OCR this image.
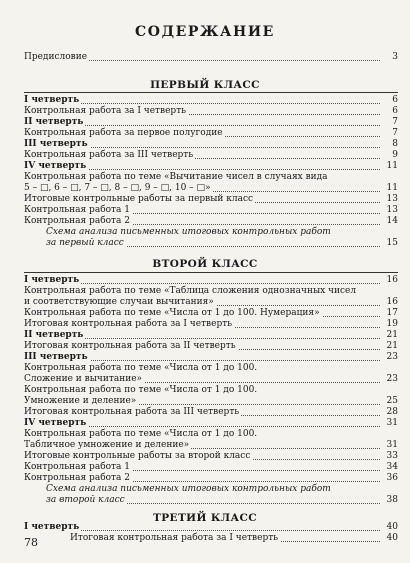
СОДЕРЖАНИЕ
Предисловие	3
ПЕРВЫЙ КЛАСС
I четверть	6
Контрольная работа за I четверть	6
II четверть	7
Контрольная работа за первое полугодие	7
III четверть	8
Контрольная работа за III четверть	9
IV четверть	11
Контрольная работа по теме «Вычитание чисел в случаях вида
5 – □, 6 – □, 7 – □, 8 – □, 9 – □, 10 – □»	11
Итоговые контрольные работы за первый класс	13
Контрольная работа 1	13
Контрольная работа 2	14
Схема анализа письменных итоговых контрольных работ
за первый класс	15
ВТОРОЙ КЛАСС
I четверть	16
Контрольная работа по теме «Таблица сложения однозначных чисел
и соответствующие случаи вычитания»	16
Контрольная работа по теме «Числа от 1 до 100. Нумерация»	17
Итоговая контрольная работа за I четверть	19
II четверть	21
Итоговая контрольная работа за II четверть	21
III четверть	23
Контрольная работа по теме «Числа от 1 до 100.
Сложение и вычитание»	23
Контрольная работа по теме «Числа от 1 до 100.
Умножение и деление»	25
Итоговая контрольная работа за III четверть	28
IV четверть	31
Контрольная работа по теме «Числа от 1 до 100.
Табличное умножение и деление»	31
Итоговые контрольные работы за второй класс	33
Контрольная работа 1	34
Контрольная работа 2	36
Схема анализа письменных итоговых контрольных работ
за второй класс	38
ТРЕТИЙ КЛАСС
I четверть	40
Итоговая контрольная работа за I четверть	40
78
